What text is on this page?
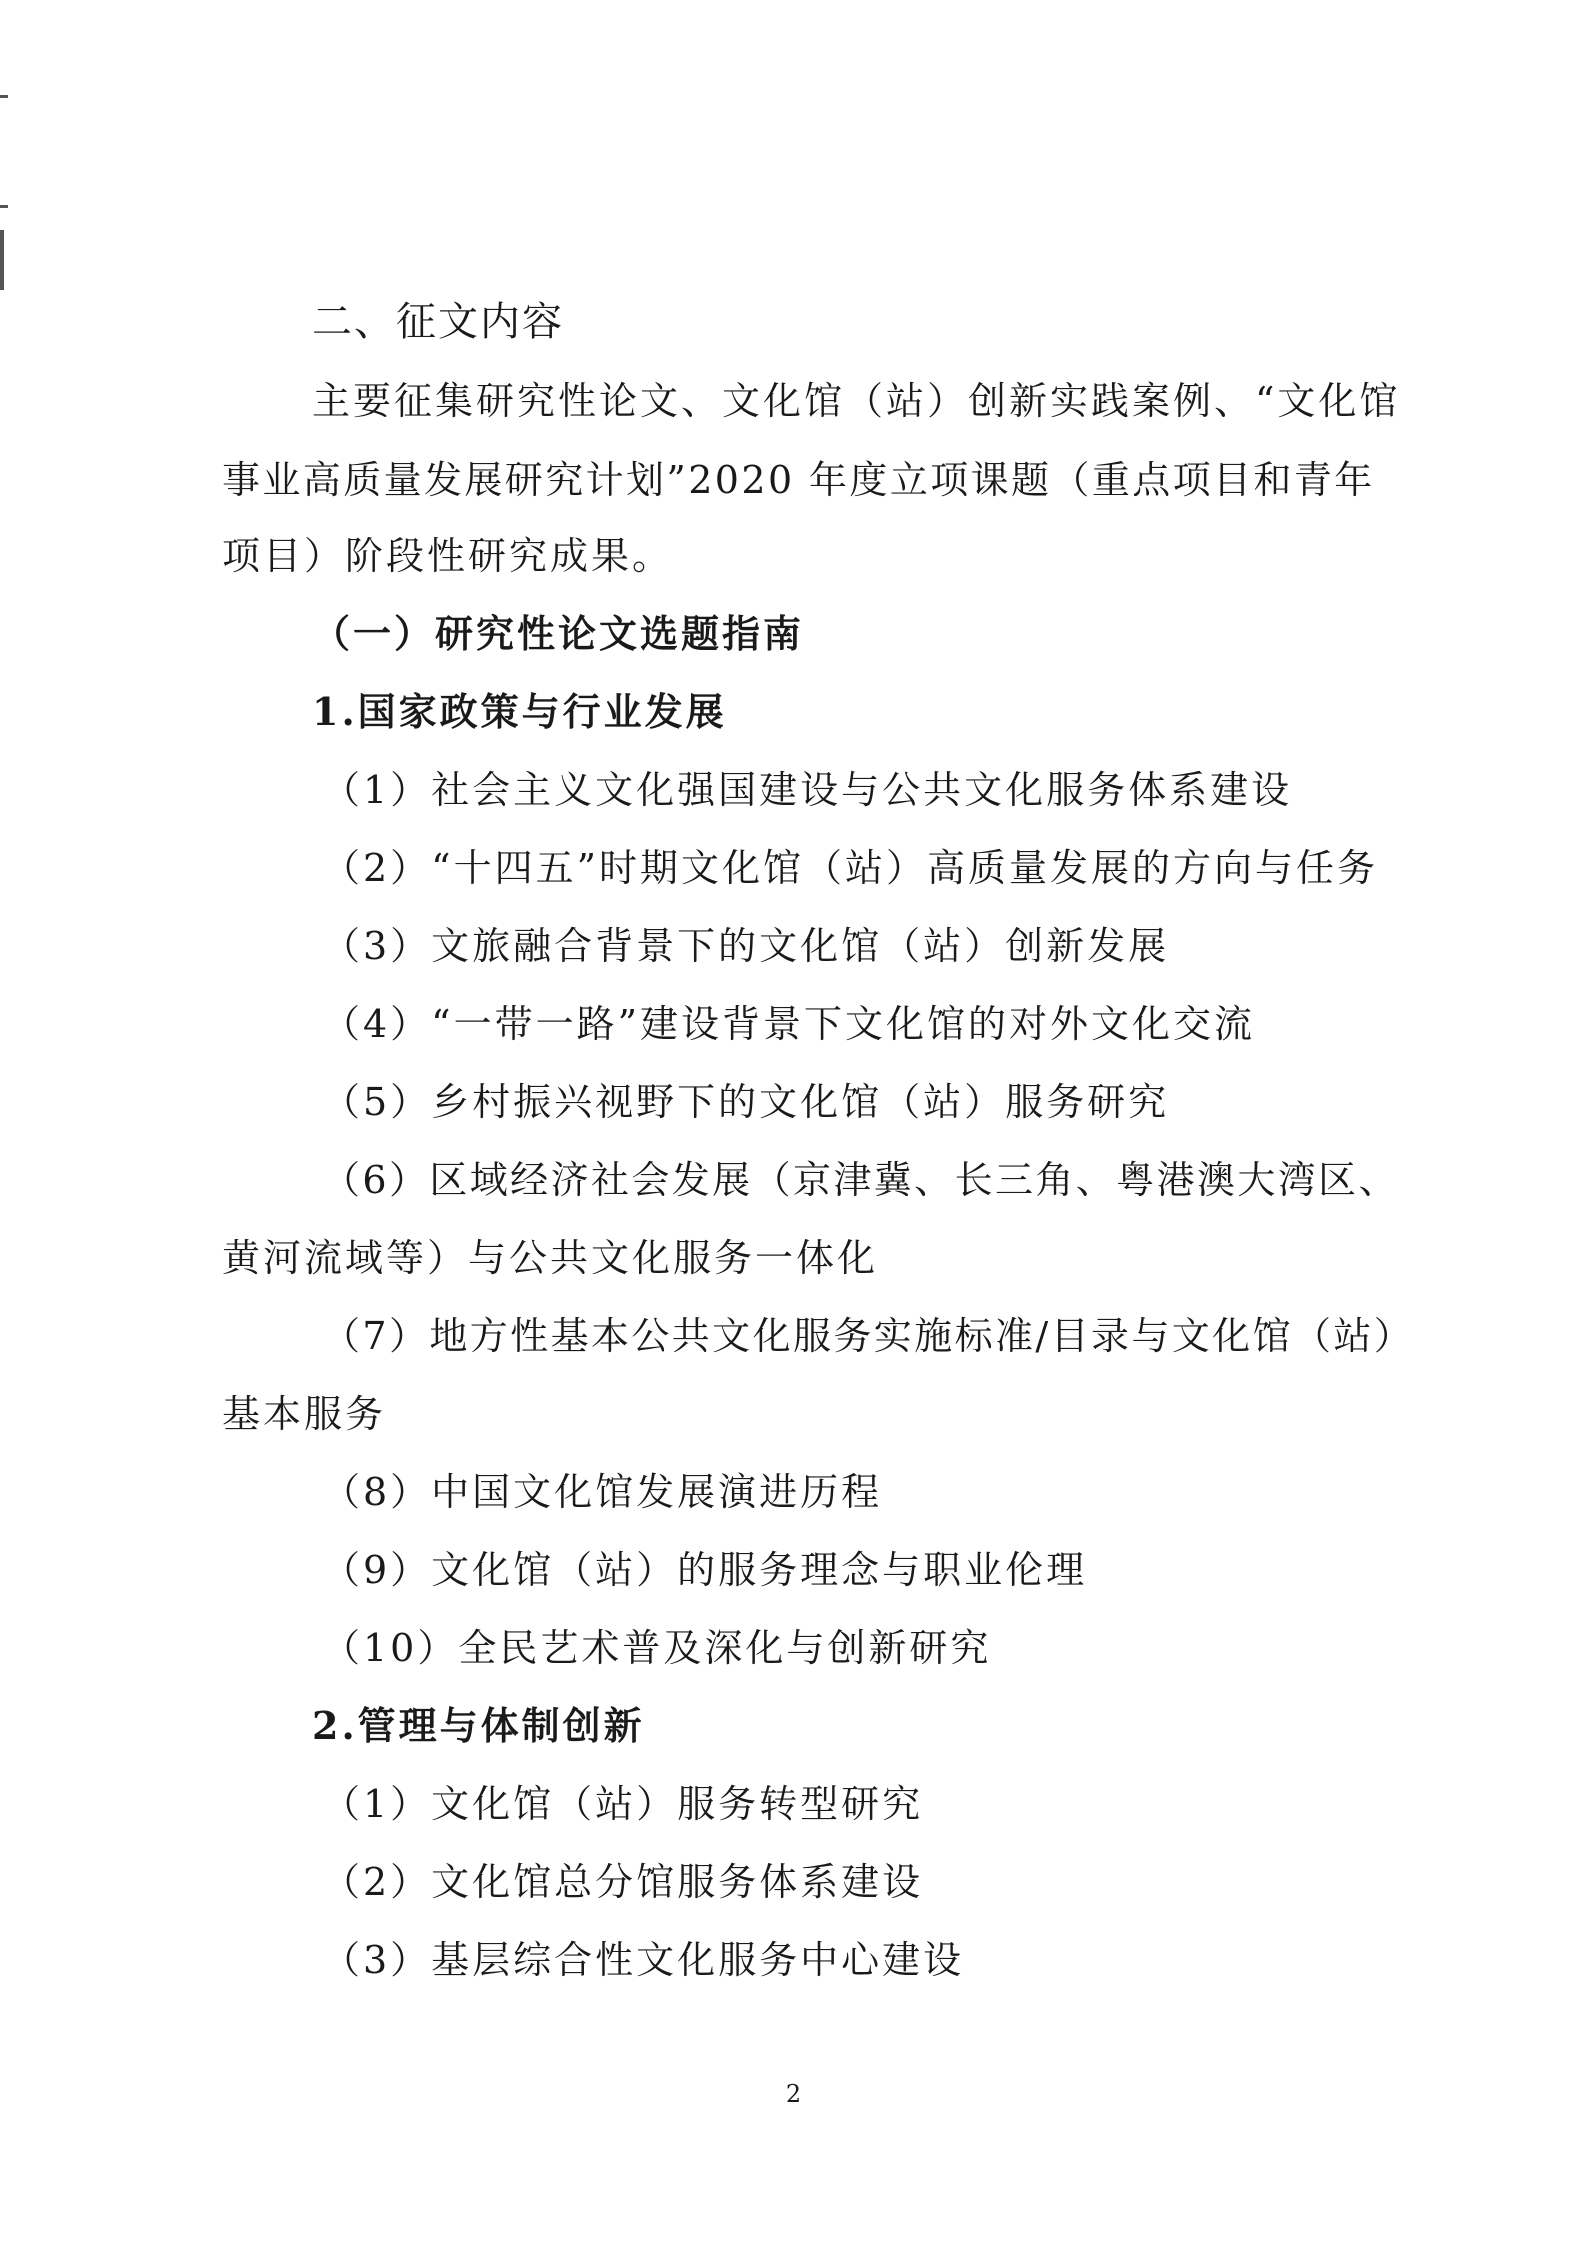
二、征文内容
主要征集研究性论文、文化馆（站）创新实践案例、“文化馆
事业高质量发展研究计划”2020 年度立项课题（重点项目和青年
项目）阶段性研究成果。
（一）研究性论文选题指南
1.国家政策与行业发展
（1）社会主义文化强国建设与公共文化服务体系建设
（2）“十四五”时期文化馆（站）高质量发展的方向与任务
（3）文旅融合背景下的文化馆（站）创新发展
（4）“一带一路”建设背景下文化馆的对外文化交流
（5）乡村振兴视野下的文化馆（站）服务研究
（6）区域经济社会发展（京津冀、长三角、粤港澳大湾区、
黄河流域等）与公共文化服务一体化
（7）地方性基本公共文化服务实施标准/目录与文化馆（站）
基本服务
（8）中国文化馆发展演进历程
（9）文化馆（站）的服务理念与职业伦理
（10）全民艺术普及深化与创新研究
2.管理与体制创新
（1）文化馆（站）服务转型研究
（2）文化馆总分馆服务体系建设
（3）基层综合性文化服务中心建设
2
